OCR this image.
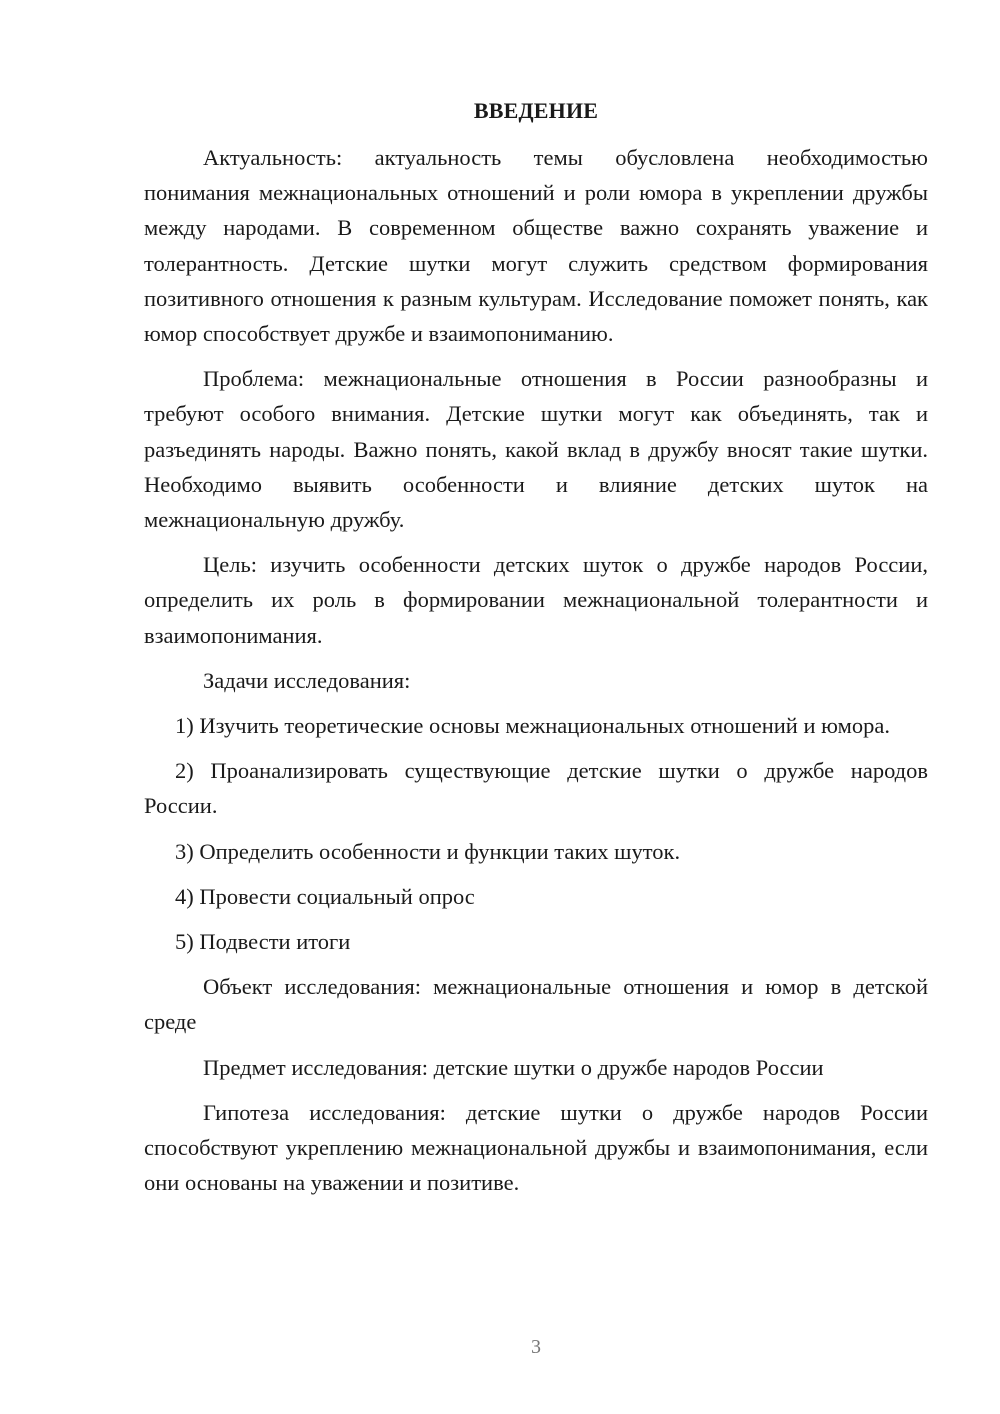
ВВЕДЕНИЕ

Актуальность: актуальность темы обусловлена необходимостью понимания межнациональных отношений и роли юмора в укреплении дружбы между народами. В современном обществе важно сохранять уважение и толерантность. Детские шутки могут служить средством формирования позитивного отношения к разным культурам. Исследование поможет понять, как юмор способствует дружбе и взаимопониманию.

Проблема: межнациональные отношения в России разнообразны и требуют особого внимания. Детские шутки могут как объединять, так и разъединять народы. Важно понять, какой вклад в дружбу вносят такие шутки. Необходимо выявить особенности и влияние детских шуток на межнациональную дружбу.

Цель: изучить особенности детских шуток о дружбе народов России, определить их роль в формировании межнациональной толерантности и взаимопонимания.

Задачи исследования:

1) Изучить теоретические основы межнациональных отношений и юмора.

2) Проанализировать существующие детские шутки о дружбе народов России.

3) Определить особенности и функции таких шуток.

4) Провести социальный опрос

5) Подвести итоги

Объект исследования: межнациональные отношения и юмор в детской среде

Предмет исследования: детские шутки о дружбе народов России

Гипотеза исследования: детские шутки о дружбе народов России способствуют укреплению межнациональной дружбы и взаимопонимания, если они основаны на уважении и позитиве.

3
